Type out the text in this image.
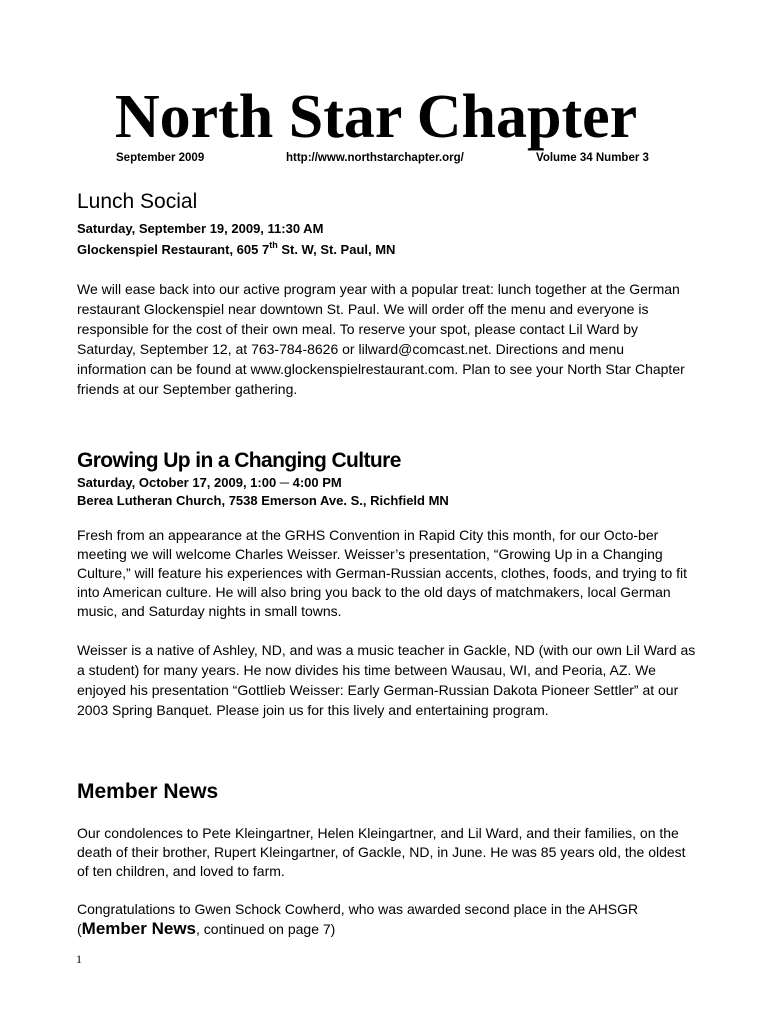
North Star Chapter
September 2009	http://www.northstarchapter.org/	Volume 34 Number 3
Lunch Social
Saturday, September 19, 2009, 11:30 AM
Glockenspiel Restaurant, 605 7th St. W, St. Paul, MN

We will ease back into our active program year with a popular treat: lunch together at the German restaurant Glockenspiel near downtown St. Paul. We will order off the menu and everyone is responsible for the cost of their own meal. To reserve your spot, please contact Lil Ward by Saturday, September 12, at 763-784-8626 or lilward@comcast.net. Directions and menu information can be found at www.glockenspielrestaurant.com. Plan to see your North Star Chapter friends at our September gathering.

Growing Up in a Changing Culture
Saturday, October 17, 2009, 1:00 ─ 4:00 PM
Berea Lutheran Church, 7538 Emerson Ave. S., Richfield MN

Fresh from an appearance at the GRHS Convention in Rapid City this month, for our Octo-ber meeting we will welcome Charles Weisser. Weisser’s presentation, “Growing Up in a Changing Culture,” will feature his experiences with German-Russian accents, clothes, foods, and trying to fit into American culture. He will also bring you back to the old days of matchmakers, local German music, and Saturday nights in small towns.

Weisser is a native of Ashley, ND, and was a music teacher in Gackle, ND (with our own Lil Ward as a student) for many years. He now divides his time between Wausau, WI, and Peoria, AZ. We enjoyed his presentation “Gottlieb Weisser: Early German-Russian Dakota Pioneer Settler” at our 2003 Spring Banquet. Please join us for this lively and entertaining program.

Member News

Our condolences to Pete Kleingartner, Helen Kleingartner, and Lil Ward, and their families, on the death of their brother, Rupert Kleingartner, of Gackle, ND, in June. He was 85 years old, the oldest of ten children, and loved to farm.

Congratulations to Gwen Schock Cowherd, who was awarded second place in the AHSGR

(Member News, continued on page 7)
1
